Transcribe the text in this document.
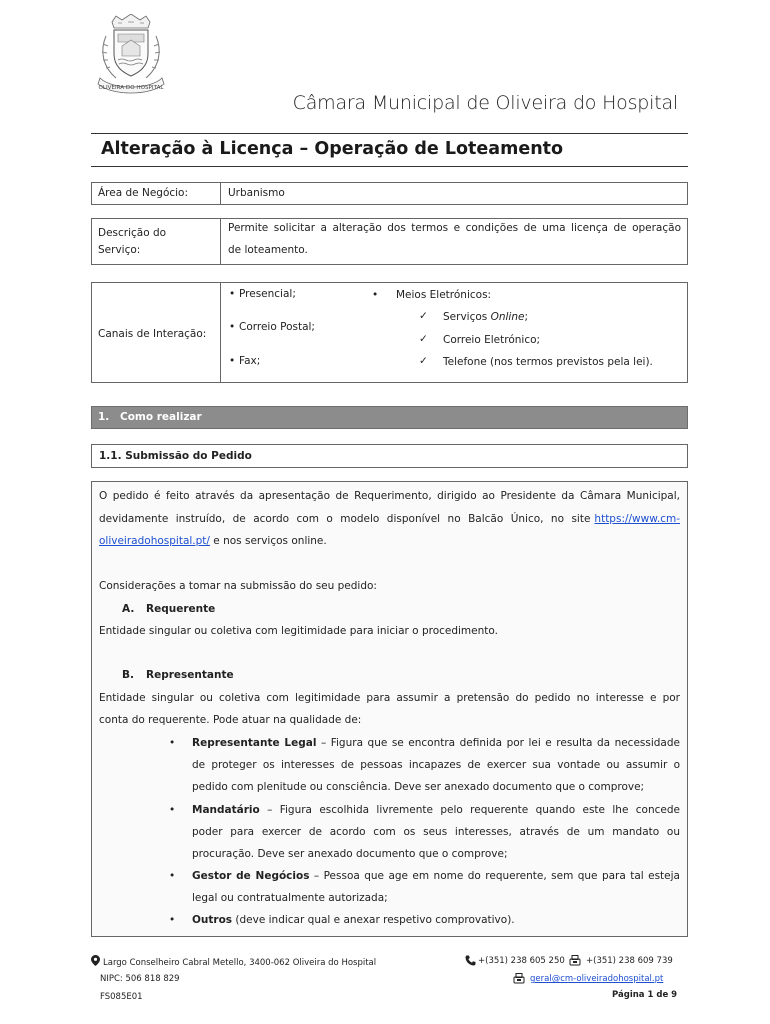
OLIVEIRA DO HOSPITAL
Câmara Municipal de Oliveira do Hospital
Alteração à Licença – Operação de Loteamento
Área de Negócio:	Urbanismo
Descrição do
Serviço:
Permite solicitar a alteração dos termos e condições de uma licença de operação
de loteamento.
Canais de Interação:
• Presencial;
• Correio Postal;
• Fax;
• Meios Eletrónicos:
✓ Serviços Online;
✓ Correio Eletrónico;
✓ Telefone (nos termos previstos pela lei).
1. Como realizar
1.1. Submissão do Pedido
O pedido é feito através da apresentação de Requerimento, dirigido ao Presidente da Câmara Municipal,
devidamente instruído, de acordo com o modelo disponível no Balcão Único, no site https://www.cm-
oliveiradohospital.pt/ e nos serviços online.
Considerações a tomar na submissão do seu pedido:
A. Requerente
Entidade singular ou coletiva com legitimidade para iniciar o procedimento.
B. Representante
Entidade singular ou coletiva com legitimidade para assumir a pretensão do pedido no interesse e por
conta do requerente. Pode atuar na qualidade de:
• Representante Legal – Figura que se encontra definida por lei e resulta da necessidade
de proteger os interesses de pessoas incapazes de exercer sua vontade ou assumir o
pedido com plenitude ou consciência. Deve ser anexado documento que o comprove;
• Mandatário – Figura escolhida livremente pelo requerente quando este lhe concede
poder para exercer de acordo com os seus interesses, através de um mandato ou
procuração. Deve ser anexado documento que o comprove;
• Gestor de Negócios – Pessoa que age em nome do requerente, sem que para tal esteja
legal ou contratualmente autorizada;
• Outros (deve indicar qual e anexar respetivo comprovativo).
Largo Conselheiro Cabral Metello, 3400-062 Oliveira do Hospital
NIPC: 506 818 829
FS085E01
+(351) 238 605 250 +(351) 238 609 739
geral@cm-oliveiradohospital.pt
Página 1 de 9
